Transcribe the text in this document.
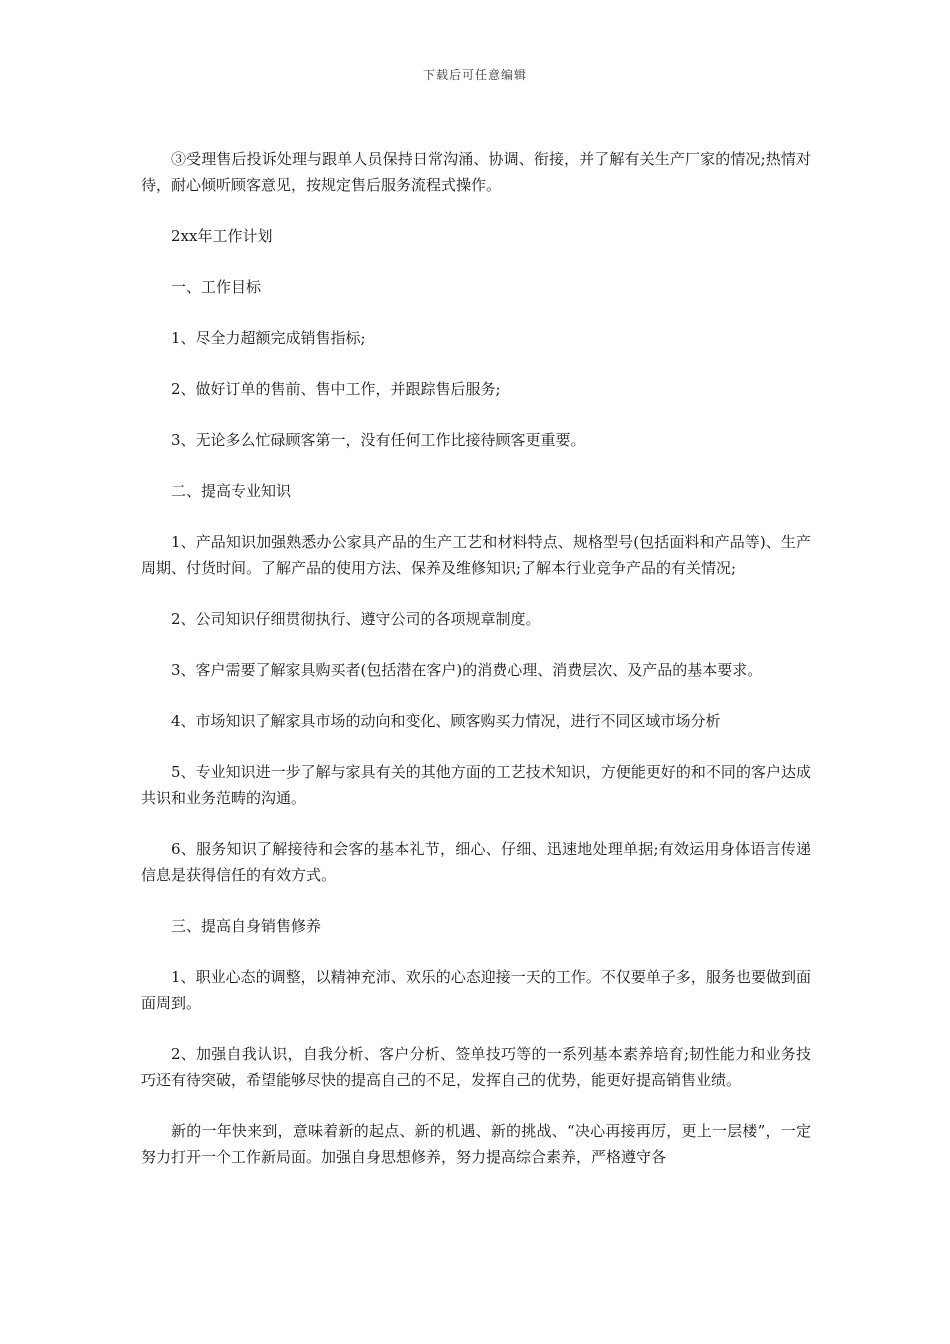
下载后可任意编辑

③受理售后投诉处理与跟单人员保持日常沟涌、协调、衔接，并了解有关生产厂家的情况;热情对待，耐心倾听顾客意见，按规定售后服务流程式操作。

2xx年工作计划

一、工作目标

1、尽全力超额完成销售指标;

2、做好订单的售前、售中工作，并跟踪售后服务;

3、无论多么忙碌顾客第一，没有任何工作比接待顾客更重要。

二、提高专业知识

1、产品知识加强熟悉办公家具产品的生产工艺和材料特点、规格型号(包括面料和产品等)、生产周期、付货时间。了解产品的使用方法、保养及维修知识;了解本行业竞争产品的有关情况;

2、公司知识仔细贯彻执行、遵守公司的各项规章制度。

3、客户需要了解家具购买者(包括潜在客户)的消费心理、消费层次、及产品的基本要求。

4、市场知识了解家具市场的动向和变化、顾客购买力情况，进行不同区域市场分析

5、专业知识进一步了解与家具有关的其他方面的工艺技术知识，方便能更好的和不同的客户达成共识和业务范畴的沟通。

6、服务知识了解接待和会客的基本礼节，细心、仔细、迅速地处理单据;有效运用身体语言传递信息是获得信任的有效方式。

三、提高自身销售修养

1、职业心态的调整，以精神充沛、欢乐的心态迎接一天的工作。不仅要单子多，服务也要做到面面周到。

2、加强自我认识，自我分析、客户分析、签单技巧等的一系列基本素养培育;韧性能力和业务技巧还有待突破，希望能够尽快的提高自己的不足，发挥自己的优势，能更好提高销售业绩。

新的一年快来到，意味着新的起点、新的机遇、新的挑战、“决心再接再厉，更上一层楼”，一定努力打开一个工作新局面。加强自身思想修养，努力提高综合素养，严格遵守各
